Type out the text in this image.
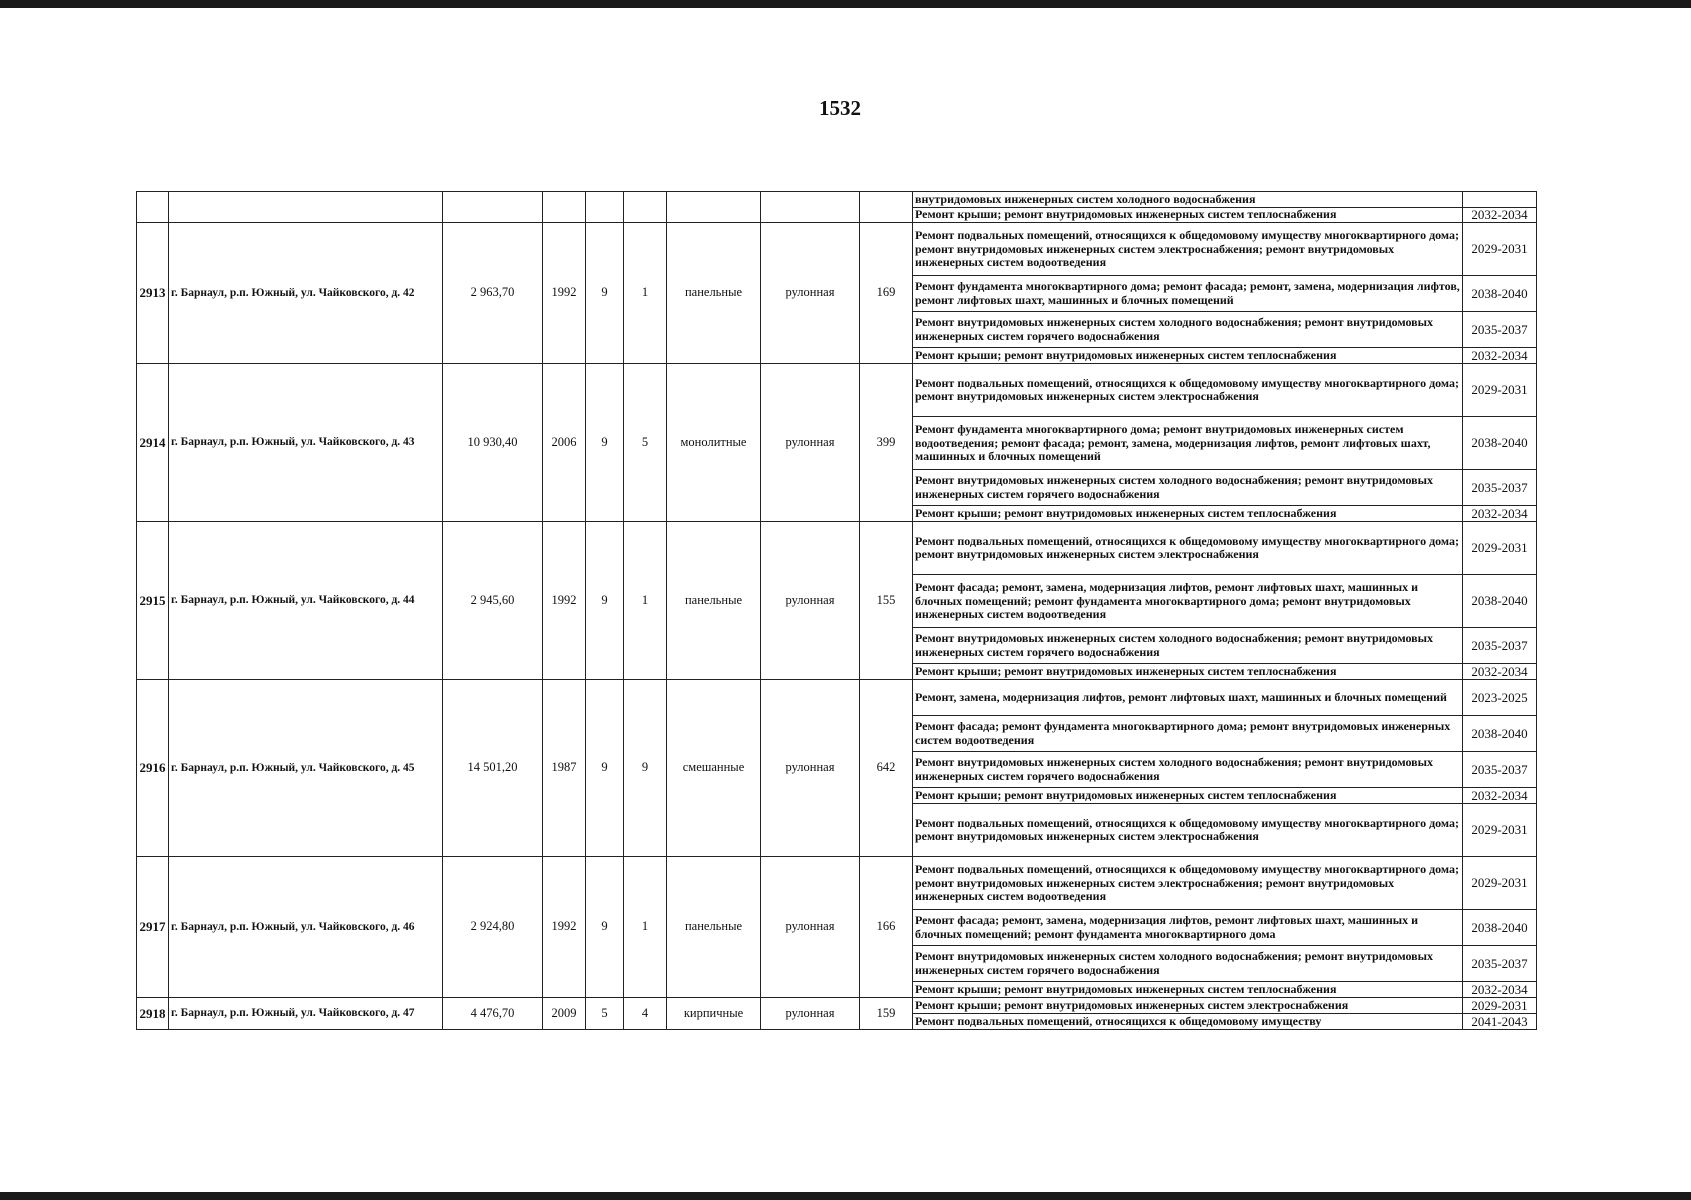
1532
									внутридомовых инженерных систем холодного водоснабжения	
									Ремонт крыши; ремонт внутридомовых инженерных систем теплоснабжения	2032-2034
2913	г. Барнаул, р.п. Южный, ул. Чайковского, д. 42	2 963,70	1992	9	1	панельные	рулонная	169	Ремонт подвальных помещений, относящихся к общедомовому имуществу многоквартирного дома; ремонт внутридомовых инженерных систем электроснабжения; ремонт внутридомовых инженерных систем водоотведения	2029-2031
									Ремонт фундамента многоквартирного дома; ремонт фасада; ремонт, замена, модернизация лифтов, ремонт лифтовых шахт, машинных и блочных помещений	2038-2040
									Ремонт внутридомовых инженерных систем холодного водоснабжения; ремонт внутридомовых инженерных систем горячего водоснабжения	2035-2037
									Ремонт крыши; ремонт внутридомовых инженерных систем теплоснабжения	2032-2034
2914	г. Барнаул, р.п. Южный, ул. Чайковского, д. 43	10 930,40	2006	9	5	монолитные	рулонная	399	Ремонт подвальных помещений, относящихся к общедомовому имуществу многоквартирного дома; ремонт внутридомовых инженерных систем электроснабжения	2029-2031
									Ремонт фундамента многоквартирного дома; ремонт внутридомовых инженерных систем водоотведения; ремонт фасада; ремонт, замена, модернизация лифтов, ремонт лифтовых шахт, машинных и блочных помещений	2038-2040
									Ремонт внутридомовых инженерных систем холодного водоснабжения; ремонт внутридомовых инженерных систем горячего водоснабжения	2035-2037
									Ремонт крыши; ремонт внутридомовых инженерных систем теплоснабжения	2032-2034
2915	г. Барнаул, р.п. Южный, ул. Чайковского, д. 44	2 945,60	1992	9	1	панельные	рулонная	155	Ремонт подвальных помещений, относящихся к общедомовому имуществу многоквартирного дома; ремонт внутридомовых инженерных систем электроснабжения	2029-2031
									Ремонт фасада; ремонт, замена, модернизация лифтов, ремонт лифтовых шахт, машинных и блочных помещений; ремонт фундамента многоквартирного дома; ремонт внутридомовых инженерных систем водоотведения	2038-2040
									Ремонт внутридомовых инженерных систем холодного водоснабжения; ремонт внутридомовых инженерных систем горячего водоснабжения	2035-2037
									Ремонт крыши; ремонт внутридомовых инженерных систем теплоснабжения	2032-2034
2916	г. Барнаул, р.п. Южный, ул. Чайковского, д. 45	14 501,20	1987	9	9	смешанные	рулонная	642	Ремонт, замена, модернизация лифтов, ремонт лифтовых шахт, машинных и блочных помещений	2023-2025
									Ремонт фасада; ремонт фундамента многоквартирного дома; ремонт внутридомовых инженерных систем водоотведения	2038-2040
									Ремонт внутридомовых инженерных систем холодного водоснабжения; ремонт внутридомовых инженерных систем горячего водоснабжения	2035-2037
									Ремонт крыши; ремонт внутридомовых инженерных систем теплоснабжения	2032-2034
									Ремонт подвальных помещений, относящихся к общедомовому имуществу многоквартирного дома; ремонт внутридомовых инженерных систем электроснабжения	2029-2031
2917	г. Барнаул, р.п. Южный, ул. Чайковского, д. 46	2 924,80	1992	9	1	панельные	рулонная	166	Ремонт подвальных помещений, относящихся к общедомовому имуществу многоквартирного дома; ремонт внутридомовых инженерных систем электроснабжения; ремонт внутридомовых инженерных систем водоотведения	2029-2031
									Ремонт фасада; ремонт, замена, модернизация лифтов, ремонт лифтовых шахт, машинных и блочных помещений; ремонт фундамента многоквартирного дома	2038-2040
									Ремонт внутридомовых инженерных систем холодного водоснабжения; ремонт внутридомовых инженерных систем горячего водоснабжения	2035-2037
									Ремонт крыши; ремонт внутридомовых инженерных систем теплоснабжения	2032-2034
2918	г. Барнаул, р.п. Южный, ул. Чайковского, д. 47	4 476,70	2009	5	4	кирпичные	рулонная	159	Ремонт крыши; ремонт внутридомовых инженерных систем электроснабжения	2029-2031
									Ремонт подвальных помещений, относящихся к общедомовому имуществу	2041-2043
